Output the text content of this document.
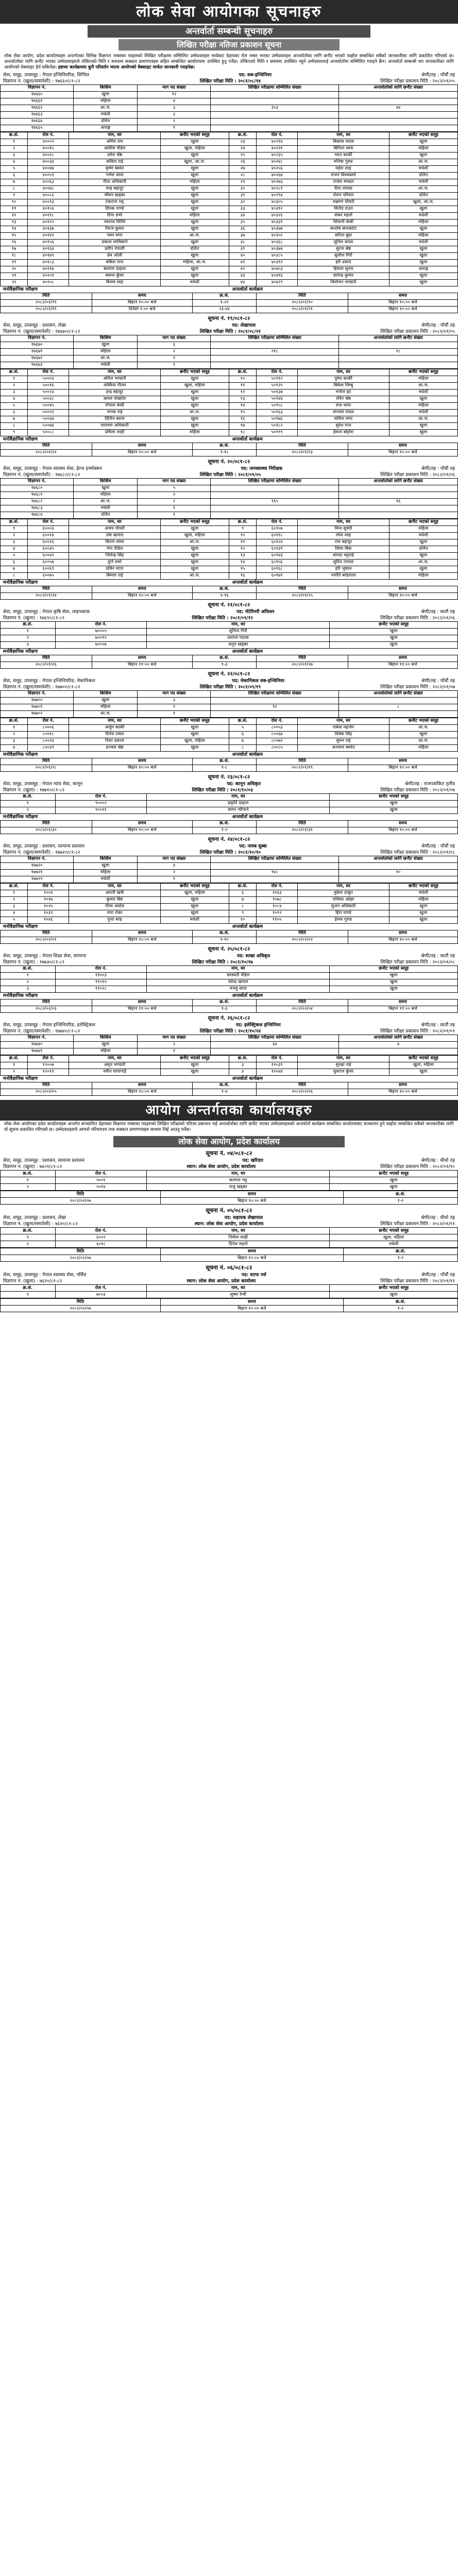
लोक सेवा आयोगका सूचनाहरु
अन्तर्वार्ता सम्बन्धी सूचनाहरु
लिखित परीक्षा नतिजा प्रकाशन सूचना
लोक सेवा आयोग, प्रदेश कार्यालयहरु अन्तर्गतका विभिन्न विज्ञापन नम्बरका पदहरुको लिखित परीक्षामा सम्मिलित उम्मेदवारहरु मध्येबाट देहायका रोल नम्बर भएका उम्मेदवारहरु अन्तर्वार्ताका लागि छनौट भएको व्यहोरा सम्बन्धित सबैको जानकारीका लागि प्रकाशित गरिएको छ। अन्तर्वार्ताका लागि छनौट भएका उम्मेदवारहरुले तोकिएको मिति र समयमा सक्कल प्रमाणपत्रहरु सहित सम्बन्धित कार्यालयमा उपस्थित हुनु पर्नेछ। तोकिएको मिति र समयमा उपस्थित नहुने उम्मेदवारलाई अन्तर्वार्तामा सम्मिलित गराइने छैन। अन्तर्वार्ता सम्बन्धी थप जानकारीका लागि आयोगको वेबसाइट हेर्न सकिनेछ। द्रष्टव्यः कार्यक्रममा कुनै परिवर्तन भएमा आयोगको वेबसाइट मार्फत जानकारी गराइनेछ।
सेवा, समूह, उपसमूह : नेपाल इन्जिनियरिङ, सिभिल	पद: सब-इन्जिनियर	श्रेणी/तह : पाँचौं तह
विज्ञापन नं. (खुला/समावेशी) : १७६६०/८१-८२	लिखित परीक्षा मिति : २०८१/०८/१४	लिखित परीक्षा प्रकाशन मिति : २०८२/०१/०५
विज्ञापन नं.	किसिम	माग पद संख्या	लिखित परीक्षामा सम्मिलित संख्या	अन्तर्वार्ताको लागि छनौट संख्या
१७६६०	खुला	१२		
१७६६१	महिला	४		
१७६६२	आ.ज.	३	३५३	४४
१७६६३	मधेशी	३		
१७६६४	दलित	२		
१७६६५	अपाङ्ग	१		
क्र.सं.	रोल नं.	नाम, थर	छनौट भएको समूह	क्र.सं.	रोल नं.	नाम, थर	छनौट भएको समूह
१	४०००२	अमित राय	खुला	२३	४०२१४	बिकास यादव	खुला
२	४००१५	आशिष पौडेल	खुला, महिला	२४	४०२२१	बिनिता थापा	महिला
३	४००२८	उमेश श्रेष्ठ	खुला	२५	४०२३५	भरत कार्की	खुला
४	४००३४	कविता राई	खुला, आ.ज.	२६	४०२४८	मनिषा गुरुङ	आ.ज.
५	४००४७	कृष्ण बस्नेत	खुला	२७	४०२५६	महेश शाह	मधेशी
६	४००५९	गणेश थापा	खुला	२८	४०२६७	राजन विश्वकर्मा	दलित
७	४००६३	गीता अधिकारी	महिला	२९	४०२७३	राजेश मण्डल	मधेशी
८	४००७८	चन्द्र बहादुर	खुला	३०	४०२८१	रीता तामाङ	आ.ज.
९	४००८६	जीवन खड्का	खुला	३१	४०२९४	रोशन परियार	दलित
१०	४००९३	टेकराज भट्ट	खुला	३२	४०३०५	लक्ष्मण चौधरी	खुला, आ.ज.
११	४०१०४	दिपक पाण्डे	खुला	३३	४०३१२	विनोद राउत	खुला
१२	४०११८	दिपा शर्मा	महिला	३४	४०३२६	शंकर महतो	मधेशी
१३	४०१२५	नवराज घिमिरे	खुला	३५	४०३३१	शिवानी केसी	महिला
१४	४०१३७	निरज कुमार	खुला	३६	४०३४७	सन्तोष सापकोटा	खुला
१५	४०१४२	पवन मगर	आ.ज.	३७	४०३५२	सरिता बुढा	महिला
१६	४०१५६	प्रकाश लामिछाने	खुला	३८	४०३६८	सुनिल यादव	मधेशी
१७	४०१६४	प्रदीप नेपाली	दलित	३९	४०३७४	सुरज श्रेष्ठ	खुला
१८	४०१७९	प्रेम ओली	खुला	४०	४०३८५	सुशील गिरी	खुला
१९	४०१८३	बबिता राना	महिला, आ.ज.	४१	४०३९२	हरि प्रसाद	खुला
२०	४०१९७	बलराम दाहाल	खुला	४२	४०४०३	हिमाल सुनार	अपाङ्ग
२१	४०२०१	बसन्त कुँवर	खुला	४३	४०४१६	ज्ञानेन्द्र कुमार	खुला
२२	४०२०८	बिजय साह	मधेशी	४४	४०४२९	त्रिलोचन भण्डारी	खुला
मनोवैज्ञानिक परीक्षण	अन्तर्वार्ता कार्यक्रम
मिति	समय	क्र.सं.	मिति	समय
२०८२/०१/१९	बिहान १०:०० बजे	१-२२	२०८२/०१/२०	बिहान १०:०० बजे
२०८२/०१/१९	दिउँसो १:०० बजे	२३-४४	२०८२/०१/२१	बिहान १०:०० बजे
सूचना नं. १९/०८१-८२
सेवा, समूह, उपसमूह : प्रशासन, लेखा	पद: लेखापाल	श्रेणी/तह : पाँचौं तह
विज्ञापन नं. (खुला/समावेशी) : १७६७०/८१-८२	लिखित परीक्षा मिति : २०८१/०८/२१	लिखित परीक्षा प्रकाशन मिति : २०८२/०१/०५
विज्ञापन नं.	किसिम	माग पद संख्या	लिखित परीक्षामा सम्मिलित संख्या	अन्तर्वार्ताको लागि छनौट संख्या
१७६७०	खुला	६		
१७६७१	महिला	२	२१८	१८
१७६७२	आ.ज.	२		
१७६७३	मधेशी	१		
क्र.सं.	रोल नं.	नाम, थर	छनौट भएको समूह	क्र.सं.	रोल नं.	नाम, थर	छनौट भएको समूह
१	५०००४	अनिल भण्डारी	खुला	१०	५०११२	पुष्पा कार्की	महिला
२	५००१६	अस्मिता गौतम	खुला, महिला	११	५०१२५	बिकेश लिम्बु	आ.ज.
३	५००२३	इन्द्र बहादुर	खुला	१२	५०१३७	मनोज झा	मधेशी
४	५००३८	कमल पोखरेल	खुला	१३	५०१४४	रविन श्रेष्ठ	खुला
५	५००४५	गोपाल केसी	खुला	१४	५०१५८	रुपा थापा	महिला
६	५००५९	जनक राई	आ.ज.	१५	५०१६३	सञ्जय यादव	मधेशी
७	५००६७	दिलिप बराल	खुला	१६	५०१७६	सविना मगर	आ.ज.
८	५००७४	नारायण अधिकारी	खुला	१७	५०१८२	सुरेश पन्त	खुला
९	५००८८	प्रमिला शाही	महिला	१८	५०१९९	हेमन्त बोहोरा	खुला
मनोवैज्ञानिक परीक्षण	अन्तर्वार्ता कार्यक्रम
मिति	समय	क्र.सं.	मिति	समय
२०८२/०१/२२	बिहान १०:०० बजे	१-१८	२०८२/०१/२३	बिहान १०:०० बजे
सूचना नं. २०/०८१-८२
सेवा, समूह, उपसमूह : नेपाल स्वास्थ्य सेवा, हेल्थ इन्स्पेक्सन	पद: जनस्वास्थ्य निरीक्षक	श्रेणी/तह : पाँचौं तह
विज्ञापन नं. (खुला/समावेशी) : १७६८०/८१-८२	लिखित परीक्षा मिति : २०८१/०९/०५	लिखित परीक्षा प्रकाशन मिति : २०८२/०१/०६
विज्ञापन नं.	किसिम	माग पद संख्या	लिखित परीक्षामा सम्मिलित संख्या	अन्तर्वार्ताको लागि छनौट संख्या
१७६८०	खुला	५		
१७६८१	महिला	२		
१७६८२	आ.ज.	२	१६५	१६
१७६८३	मधेशी	१		
१७६८४	दलित	१		
क्र.सं.	रोल नं.	नाम, थर	छनौट भएको समूह	क्र.सं.	रोल नं.	नाम, थर	छनौट भएको समूह
१	६०००३	अजय चौधरी	खुला	९	६०१०७	मिना सुवेदी	महिला
२	६००१४	उषा खनाल	खुला, महिला	१०	६०११८	रमेश साह	मधेशी
३	६००२६	किरण लामा	आ.ज.	११	६०१२४	राम बहादुर	खुला
४	६००३५	गंगा पौडेल	खुला	१२	६०१३९	लिला बिक	दलित
५	६००४२	जितेन्द्र सिंह	खुला	१३	६०१४३	शारदा भट्टराई	खुला
६	६००५७	दुर्गा शर्मा	खुला	१४	६०१५६	सुदिप तामाङ	आ.ज.
७	६००६९	प्रविन थापा	खुला	१५	६०१६८	हरि भुषाल	खुला
८	६००७५	बिमला राई	आ.ज.	१६	६०१७१	ज्योति कोइराला	महिला
मनोवैज्ञानिक परीक्षण	अन्तर्वार्ता कार्यक्रम
मिति	समय	क्र.सं.	मिति	समय
२०८२/०१/२४	बिहान १०:०० बजे	१-१६	२०८२/०१/२५	बिहान १०:०० बजे
सूचना नं. २१/०८१-८२
सेवा, समूह, उपसमूह : नेपाल कृषि सेवा, लाइभस्टक	पद: भेटेरिनरी अफिसर	श्रेणी/तह : सातौं तह
विज्ञापन नं. (खुला) : १७६९०/८१-८२	लिखित परीक्षा मिति : २०८१/०९/१२	लिखित परीक्षा प्रकाशन मिति : २०८२/०१/०६
क्र.सं.	रोल नं.	नाम, थर	छनौट भएको समूह
१	७०००५	सुनिता गिरी	खुला
२	७००१२	प्रशान्त पाठक	खुला
३	७००२७	अनुप खड्का	खुला
मनोवैज्ञानिक परीक्षण	अन्तर्वार्ता कार्यक्रम
मिति	समय	क्र.सं.	मिति	समय
२०८२/०१/२६	बिहान ११:०० बजे	१-३	२०८२/०१/२७	बिहान ११:०० बजे
सूचना नं. २२/०८१-८२
सेवा, समूह, उपसमूह : नेपाल इन्जिनियरिङ, मेकानिकल	पद: मेकानिकल सब-इन्जिनियर	श्रेणी/तह : पाँचौं तह
विज्ञापन नं. (खुला/समावेशी) : १७७००/८१-८२	लिखित परीक्षा मिति : २०८१/०९/१९	लिखित परीक्षा प्रकाशन मिति : २०८२/०१/०७
विज्ञापन नं.	किसिम	माग पद संख्या	लिखित परीक्षामा सम्मिलित संख्या	अन्तर्वार्ताको लागि छनौट संख्या
१७७००	खुला	३		
१७७०१	महिला	१	९२	८
१७७०२	आ.ज.	१		
क्र.सं.	रोल नं.	नाम, थर	छनौट भएको समूह	क्र.सं.	रोल नं.	नाम, थर	छनौट भएको समूह
१	८०००६	अर्जुन कार्की	खुला	५	८००५३	राकेश महर्जन	आ.ज.
२	८००१८	दिनेश रावल	खुला	६	८००६७	विवेक सिंह	खुला
३	८००२४	निशा ढकाल	खुला, महिला	७	८००७२	सुमन राई	आ.ज.
४	८००३९	प्रज्वल श्रेष्ठ	खुला	८	८००८५	अञ्जना बस्नेत	महिला
मनोवैज्ञानिक परीक्षण	अन्तर्वार्ता कार्यक्रम
मिति	समय	क्र.सं.	मिति	समय
२०८२/०१/२८	बिहान १०:०० बजे	१-८	२०८२/०१/२९	बिहान १०:०० बजे
सूचना नं. २३/०८१-८२
सेवा, समूह, उपसमूह : नेपाल न्याय सेवा, कानून	पद: कानून अधिकृत	श्रेणी/तह : राजपत्रांकित तृतीय
विज्ञापन नं. (खुला) : १७७१०/८१-८२	लिखित परीक्षा मिति : २०८१/१०/०३	लिखित परीक्षा प्रकाशन मिति : २०८२/०१/०७
क्र.सं.	रोल नं.	नाम, थर	छनौट भएको समूह
१	९०००२	प्रकृति दाहाल	खुला
२	९००११	सागर न्यौपाने	खुला
मनोवैज्ञानिक परीक्षण	अन्तर्वार्ता कार्यक्रम
मिति	समय	क्र.सं.	मिति	समय
२०८२/०१/३०	बिहान १०:०० बजे	१-२	२०८२/०१/३१	बिहान १०:०० बजे
सूचना नं. २४/०८१-८२
सेवा, समूह, उपसमूह : प्रशासन, सामान्य प्रशासन	पद: नायब सुब्बा	श्रेणी/तह : पाँचौं तह
विज्ञापन नं. (खुला/समावेशी) : १७७२०/८१-८२	लिखित परीक्षा मिति : २०८१/१०/१०	लिखित परीक्षा प्रकाशन मिति : २०८२/०१/०८
विज्ञापन नं.	किसिम	माग पद संख्या	लिखित परीक्षामा सम्मिलित संख्या	अन्तर्वार्ताको लागि छनौट संख्या
१७७२०	खुला	४		
१७७२१	महिला	२	१४८	१०
१७७२२	मधेशी	१		
क्र.सं.	रोल नं.	नाम, थर	छनौट भएको समूह	क्र.सं.	रोल नं.	नाम, थर	छनौट भएको समूह
१	१००४	आरती खत्री	खुला, महिला	६	१०६३	मुकेश ठाकुर	मधेशी
२	१०१७	कुमार बिष्ट	खुला	७	१०७८	राधिका ओझा	महिला
३	१०२५	गौरव अर्याल	खुला	८	१०८४	सुजन अधिकारी	खुला
४	१०३९	तारा रोका	खुला	९	१०९२	हिरा पाण्डे	खुला
५	१०४६	पुजा साह	मधेशी	१०	११०५	ईश्वर गुरुङ	खुला
मनोवैज्ञानिक परीक्षण	अन्तर्वार्ता कार्यक्रम
मिति	समय	क्र.सं.	मिति	समय
२०८२/०२/०१	बिहान १०:०० बजे	१-१०	२०८२/०२/०२	बिहान १०:०० बजे
सूचना नं. २५/०८१-८२
सेवा, समूह, उपसमूह : नेपाल शिक्षा सेवा, सामान्य	पद: शाखा अधिकृत	श्रेणी/तह : सातौं तह
विज्ञापन नं. (खुला) : १७७३०/८१-८२	लिखित परीक्षा मिति : २०८१/१०/१७	लिखित परीक्षा प्रकाशन मिति : २०८२/०१/०८
क्र.सं.	रोल नं.	नाम, थर	छनौट भएको समूह
१	११००३	सरस्वती पौडेल	खुला
२	११०१५	देवेन्द्र खनाल	खुला
३	११०२८	मञ्जु थापा	खुला
मनोवैज्ञानिक परीक्षण	अन्तर्वार्ता कार्यक्रम
मिति	समय	क्र.सं.	मिति	समय
२०८२/०२/०३	बिहान ११:०० बजे	१-३	२०८२/०२/०४	बिहान ११:०० बजे
सूचना नं. २६/०८१-८२
सेवा, समूह, उपसमूह : नेपाल इन्जिनियरिङ, इलेक्ट्रिकल	पद: इलेक्ट्रिकल इन्जिनियर	श्रेणी/तह : सातौं तह
विज्ञापन नं. (खुला/समावेशी) : १७७४०/८१-८२	लिखित परीक्षा मिति : २०८१/१०/२४	लिखित परीक्षा प्रकाशन मिति : २०८२/०१/०९
विज्ञापन नं.	किसिम	माग पद संख्या	लिखित परीक्षामा सम्मिलित संख्या	अन्तर्वार्ताको लागि छनौट संख्या
१७७४०	खुला	२	६४	४
१७७४१	महिला	१		
क्र.सं.	रोल नं.	नाम, थर	छनौट भएको समूह	क्र.सं.	रोल नं.	नाम, थर	छनौट भएको समूह
१	१२००७	अमृत भण्डारी	खुला	३	१२०३१	सुरक्षा राई	खुला, महिला
२	१२०१९	नवीन चापागाईं	खुला	४	१२०४४	युवराज कुँवर	खुला
मनोवैज्ञानिक परीक्षण	अन्तर्वार्ता कार्यक्रम
मिति	समय	क्र.सं.	मिति	समय
२०८२/०२/०५	बिहान १०:०० बजे	१-४	२०८२/०२/०६	बिहान १०:०० बजे
आयोग अन्तर्गतका कार्यालयहरु
लोक सेवा आयोगका प्रदेश कार्यालयहरु अन्तर्गत सञ्चालित देहायका विज्ञापन नम्बरका पदहरुको लिखित परीक्षाको नतिजा प्रकाशन भई अन्तर्वार्ताका लागि छनौट भएका उम्मेदवारहरुको अन्तर्वार्ता कार्यक्रम सम्बन्धित कार्यालयबाट सञ्चालन हुने व्यहोरा सम्बन्धित सबैको जानकारीका लागि यो सूचना प्रकाशित गरिएको छ। उम्मेदवारहरुले आफ्नो परिचयपत्र तथा सक्कल प्रमाणपत्रहरु साथमा लिई आउनु पर्नेछ।
लोक सेवा आयोग, प्रदेश कार्यालय
सूचना नं. ०४/०८१-८२
सेवा, समूह, उपसमूह : प्रशासन, सामान्य प्रशासन	पद: खरिदार	श्रेणी/तह : चौथो तह
विज्ञापन नं. (खुला) : ७६०१/८१-८२	स्थान: लोक सेवा आयोग, प्रदेश कार्यालय	लिखित परीक्षा प्रकाशन मिति : २०८२/०१/१०
क्र.सं.	रोल नं.	नाम, थर	छनौट भएको समूह
१	५००१	कल्पना भट्ट	खुला
२	५०१४	राजु खड्का	खुला
मिति	समय	क्र.सं.
२०८२/०२/०७	बिहान १०:०० बजे	१-२
सूचना नं. ०५/०८१-८२
सेवा, समूह, उपसमूह : प्रशासन, लेखा	पद: सहायक लेखापाल	श्रेणी/तह : चौथो तह
विज्ञापन नं. (खुला/समावेशी) : ७६१०/८१-८२	स्थान: लोक सेवा आयोग, प्रदेश कार्यालय	लिखित परीक्षा प्रकाशन मिति : २०८२/०१/११
क्र.सं.	रोल नं.	नाम, थर	छनौट भएको समूह
१	६००२	निर्मला शाही	खुला, महिला
२	६०१८	दिपेश महतो	मधेशी
मिति	समय	क्र.सं.
२०८२/०२/०७	बिहान १०:०० बजे	१-२
सूचना नं. ०६/०८१-८२
सेवा, समूह, उपसमूह : नेपाल स्वास्थ्य सेवा, नर्सिङ	पद: स्टाफ नर्स	श्रेणी/तह : पाँचौं तह
विज्ञापन नं. (खुला) : ७६२०/८१-८२	स्थान: लोक सेवा आयोग, प्रदेश कार्यालय	लिखित परीक्षा प्रकाशन मिति : २०८२/०१/१२
क्र.सं.	रोल नं.	नाम, थर	छनौट भएको समूह
१	७००३	सुष्मा रेग्मी	खुला
मिति	समय	क्र.सं.
२०८२/०२/०७	बिहान १०:०० बजे	१-२
